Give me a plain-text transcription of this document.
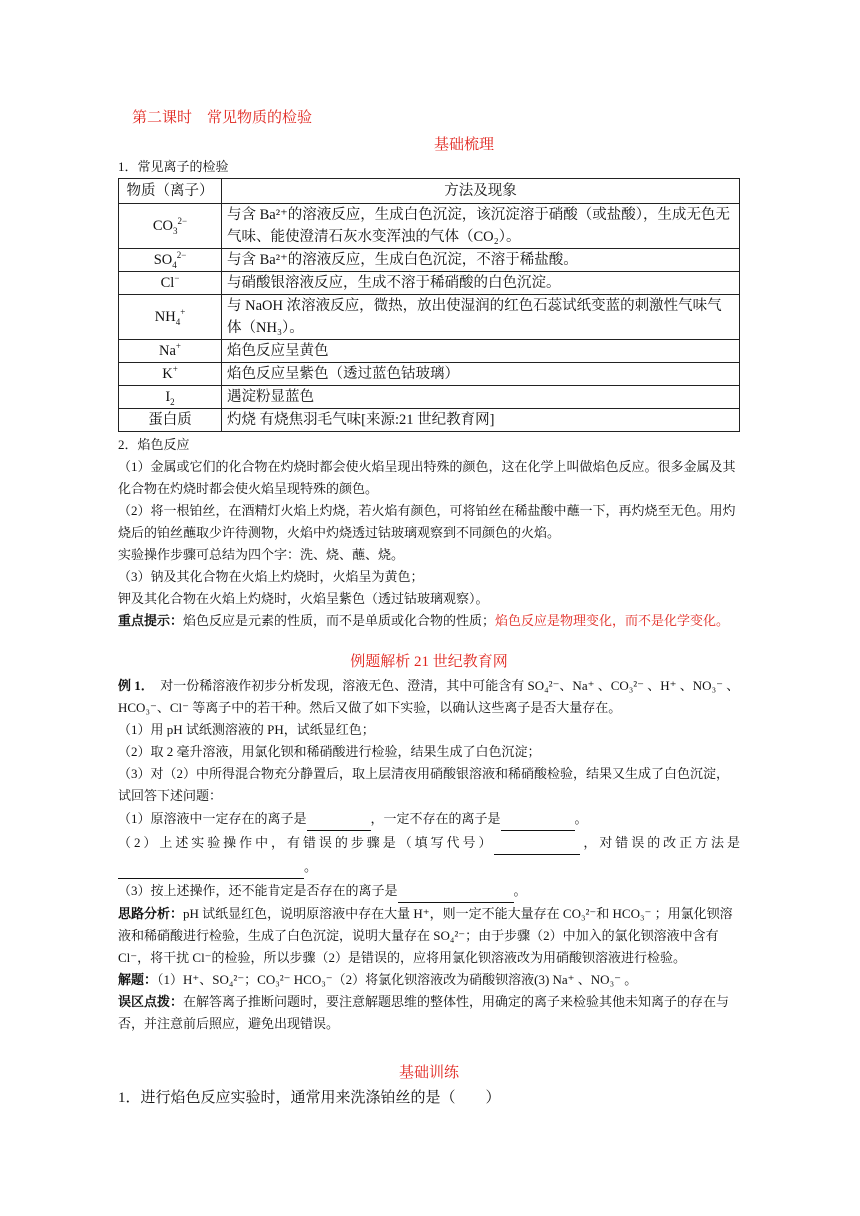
第二课时　常见物质的检验
基础梳理
1．常见离子的检验
物质（离子）	方法及现象
$CO_3^{2-}$	与含 Ba²⁺的溶液反应，生成白色沉淀，该沉淀溶于硝酸（或盐酸），生成无色无气味、能使澄清石灰水变浑浊的气体（CO₂）。
$SO_4^{2-}$	与含 Ba²⁺的溶液反应，生成白色沉淀，不溶于稀盐酸。
Cl−	与硝酸银溶液反应，生成不溶于稀硝酸的白色沉淀。
$NH_4^+$	与 NaOH 浓溶液反应，微热，放出使湿润的红色石蕊试纸变蓝的刺激性气味气体（NH₃）。
Na+	焰色反应呈黄色
K+	焰色反应呈紫色（透过蓝色钴玻璃）
$I_2$	遇淀粉显蓝色
蛋白质	灼烧 有烧焦羽毛气味[来源:21 世纪教育网]
2．焰色反应
（1）金属或它们的化合物在灼烧时都会使火焰呈现出特殊的颜色，这在化学上叫做焰色反应。很多金属及其化合物在灼烧时都会使火焰呈现特殊的颜色。
（2）将一根铂丝，在酒精灯火焰上灼烧，若火焰有颜色，可将铂丝在稀盐酸中蘸一下，再灼烧至无色。用灼烧后的铂丝蘸取少许待测物，火焰中灼烧透过钴玻璃观察到不同颜色的火焰。
实验操作步骤可总结为四个字：洗、烧、蘸、烧。
（3）钠及其化合物在火焰上灼烧时，火焰呈为黄色；
钾及其化合物在火焰上灼烧时，火焰呈紫色（透过钴玻璃观察）。
重点提示：焰色反应是元素的性质，而不是单质或化合物的性质；焰色反应是物理变化，而不是化学变化。
例题解析 21 世纪教育网
例 1． 对一份稀溶液作初步分析发现，溶液无色、澄清，其中可能含有 SO₄²⁻、Na⁺ 、CO₃²⁻ 、H⁺ 、NO₃⁻ 、HCO₃⁻、Cl⁻ 等离子中的若干种。然后又做了如下实验，以确认这些离子是否大量存在。
（1）用 pH 试纸测溶液的 PH，试纸显红色；
（2）取 2 毫升溶液，用氯化钡和稀硝酸进行检验，结果生成了白色沉淀；
（3）对（2）中所得混合物充分静置后，取上层清夜用硝酸银溶液和稀硝酸检验，结果又生成了白色沉淀，试回答下述问题：
（1）原溶液中一定存在的离子是	，一定不存在的离子是	。
（2）上述实验操作中，有错误的步骤是（填写代号）	，对错误的改正方法是
。
（3）按上述操作，还不能肯定是否存在的离子是	。
思路分析：pH 试纸显红色，说明原溶液中存在大量 H⁺，则一定不能大量存在 CO₃²⁻和 HCO₃⁻ ；用氯化钡溶液和稀硝酸进行检验，生成了白色沉淀，说明大量存在 SO₄²⁻；由于步骤（2）中加入的氯化钡溶液中含有 Cl⁻，将干扰 Cl⁻的检验，所以步骤（2）是错误的，应将用氯化钡溶液改为用硝酸钡溶液进行检验。
解题：（1）H⁺、SO₄²⁻；CO₃²⁻ HCO₃⁻（2）将氯化钡溶液改为硝酸钡溶液(3) Na⁺ 、NO₃⁻ 。
误区点拨：在解答离子推断问题时，要注意解题思维的整体性，用确定的离子来检验其他未知离子的存在与否，并注意前后照应，避免出现错误。
基础训练
1．进行焰色反应实验时，通常用来洗涤铂丝的是（　　）
